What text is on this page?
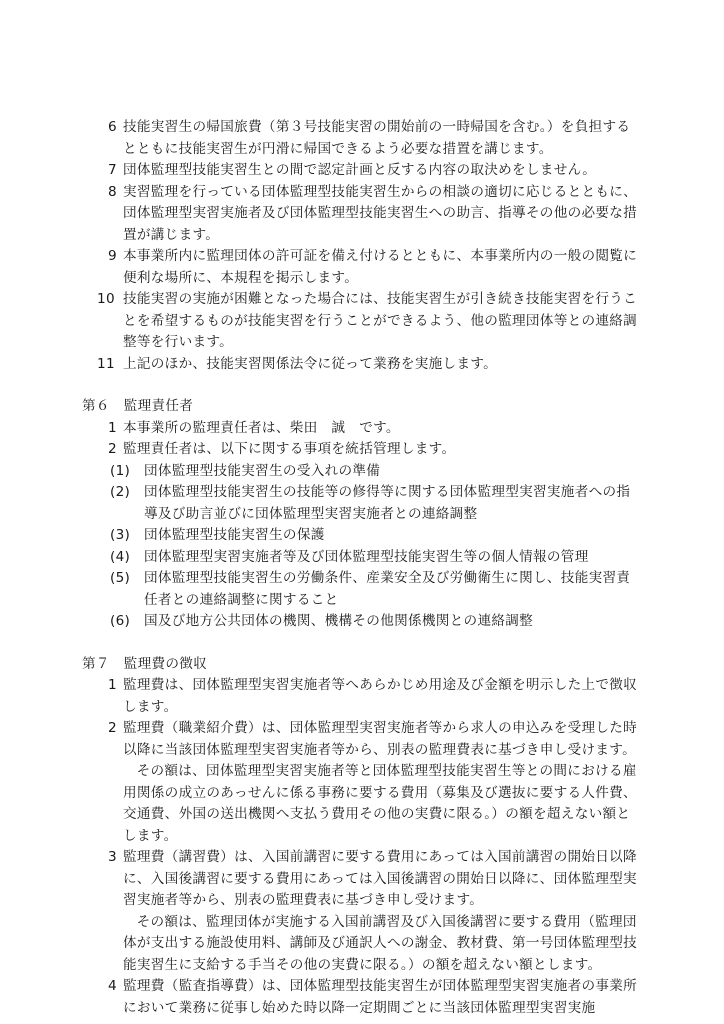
6 技能実習生の帰国旅費（第３号技能実習の開始前の一時帰国を含む。）を負担するとともに技能実習生が円滑に帰国できるよう必要な措置を講じます。
7 団体監理型技能実習生との間で認定計画と反する内容の取決めをしません。
8 実習監理を行っている団体監理型技能実習生からの相談の適切に応じるとともに、団体監理型実習実施者及び団体監理型技能実習生への助言、指導その他の必要な措置が講じます。
9 本事業所内に監理団体の許可証を備え付けるとともに、本事業所内の一般の閲覧に便利な場所に、本規程を掲示します。
10 技能実習の実施が困難となった場合には、技能実習生が引き続き技能実習を行うことを希望するものが技能実習を行うことができるよう、他の監理団体等との連絡調整等を行います。
11 上記のほか、技能実習関係法令に従って業務を実施します。
第６　監理責任者
1 本事業所の監理責任者は、柴田　誠　です。
2 監理責任者は、以下に関する事項を統括管理します。
(1) 団体監理型技能実習生の受入れの準備
(2) 団体監理型技能実習生の技能等の修得等に関する団体監理型実習実施者への指導及び助言並びに団体監理型実習実施者との連絡調整
(3) 団体監理型技能実習生の保護
(4) 団体監理型実習実施者等及び団体監理型技能実習生等の個人情報の管理
(5) 団体監理型技能実習生の労働条件、産業安全及び労働衛生に関し、技能実習責任者との連絡調整に関すること
(6) 国及び地方公共団体の機関、機構その他関係機関との連絡調整
第７　監理費の徴収
1 監理費は、団体監理型実習実施者等へあらかじめ用途及び金額を明示した上で徴収します。
2 監理費（職業紹介費）は、団体監理型実習実施者等から求人の申込みを受理した時以降に当該団体監理型実習実施者等から、別表の監理費表に基づき申し受けます。
その額は、団体監理型実習実施者等と団体監理型技能実習生等との間における雇用関係の成立のあっせんに係る事務に要する費用（募集及び選抜に要する人件費、交通費、外国の送出機関へ支払う費用その他の実費に限る。）の額を超えない額とします。
3 監理費（講習費）は、入国前講習に要する費用にあっては入国前講習の開始日以降に、入国後講習に要する費用にあっては入国後講習の開始日以降に、団体監理型実習実施者等から、別表の監理費表に基づき申し受けます。
その額は、監理団体が実施する入国前講習及び入国後講習に要する費用（監理団体が支出する施設使用料、講師及び通訳人への謝金、教材費、第一号団体監理型技能実習生に支給する手当その他の実費に限る。）の額を超えない額とします。
4 監理費（監査指導費）は、団体監理型技能実習生が団体監理型実習実施者の事業所において業務に従事し始めた時以降一定期間ごとに当該団体監理型実習実施
